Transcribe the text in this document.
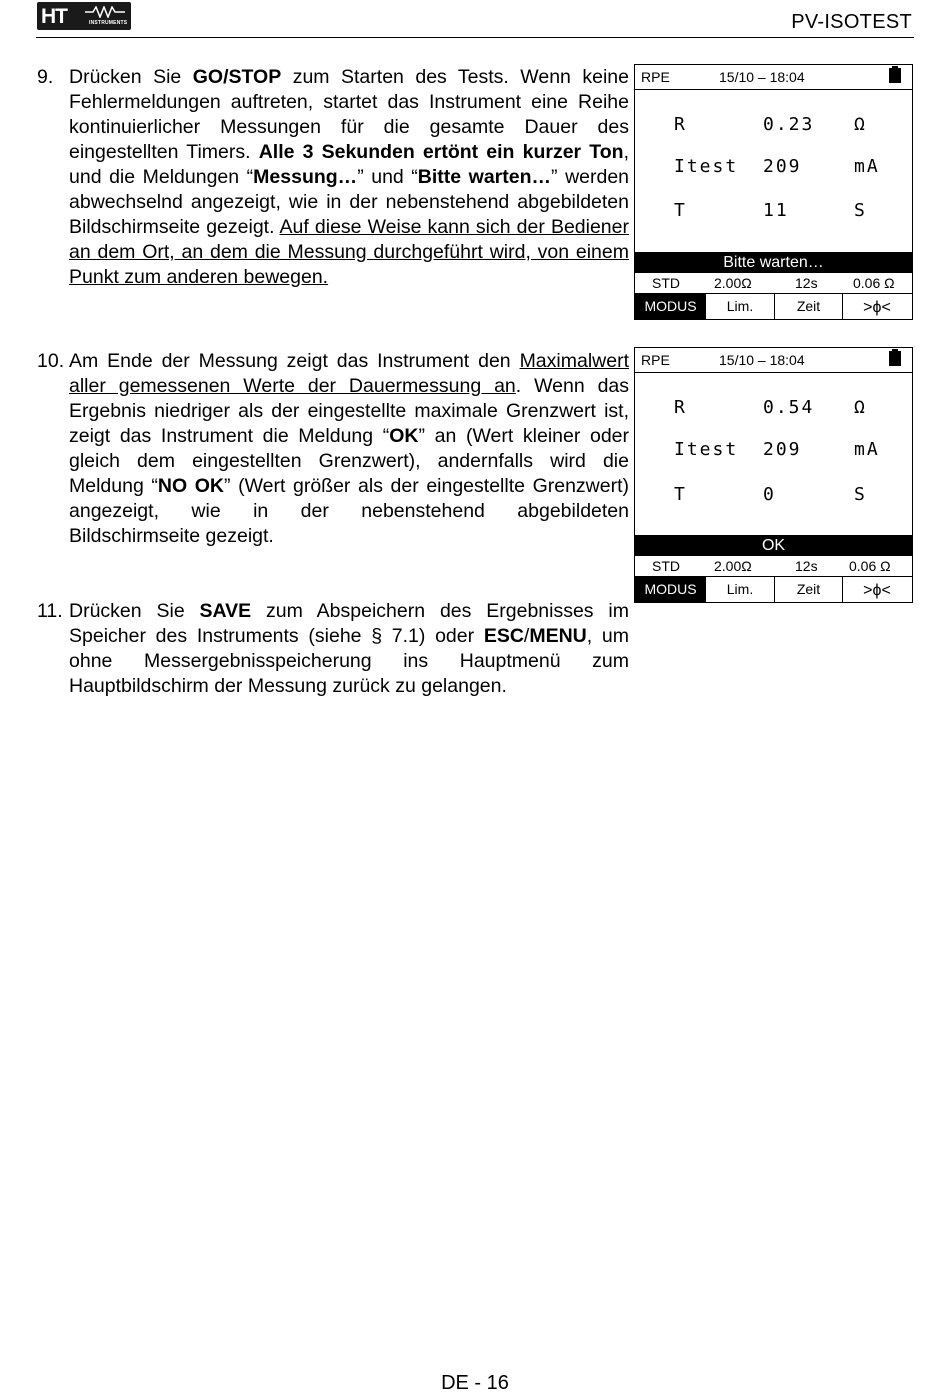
HT	INSTRUMENTS	PV-ISOTEST
9. Drücken Sie GO/STOP zum Starten des Tests. Wenn keine Fehlermeldungen auftreten, startet das Instrument eine Reihe kontinuierlicher Messungen für die gesamte Dauer des eingestellten Timers. Alle 3 Sekunden ertönt ein kurzer Ton, und die Meldungen “Messung…” und “Bitte warten…” werden abwechselnd angezeigt, wie in der nebenstehend abgebildeten Bildschirmseite gezeigt. Auf diese Weise kann sich der Bediener an dem Ort, an dem die Messung durchgeführt wird, von einem Punkt zum anderen bewegen.

RPE	15/10 – 18:04
R	0.23 Ω
Itest 209	mA
T	11	S
Bitte warten…
STD 2.00Ω	12s	0.06 Ω
MODUS	Lim.	Zeit	>ϕ<
10. Am Ende der Messung zeigt das Instrument den Maximalwert aller gemessenen Werte der Dauermessung an. Wenn das Ergebnis niedriger als der eingestellte maximale Grenzwert ist, zeigt das Instrument die Meldung “OK” an (Wert kleiner oder gleich dem eingestellten Grenzwert), andernfalls wird die Meldung “NO OK” (Wert größer als der eingestellte Grenzwert) angezeigt, wie in der nebenstehend abgebildeten Bildschirmseite gezeigt.

RPE	15/10 – 18:04
R	0.54 Ω
Itest 209	mA
T	0	S
OK
STD 2.00Ω	12s 0.06 Ω
MODUS	Lim.	Zeit	>ϕ<
11. Drücken Sie SAVE zum Abspeichern des Ergebnisses im Speicher des Instruments (siehe § 7.1) oder ESC/MENU, um ohne Messergebnisspeicherung ins Hauptmenü zum Hauptbildschirm der Messung zurück zu gelangen.

DE - 16
